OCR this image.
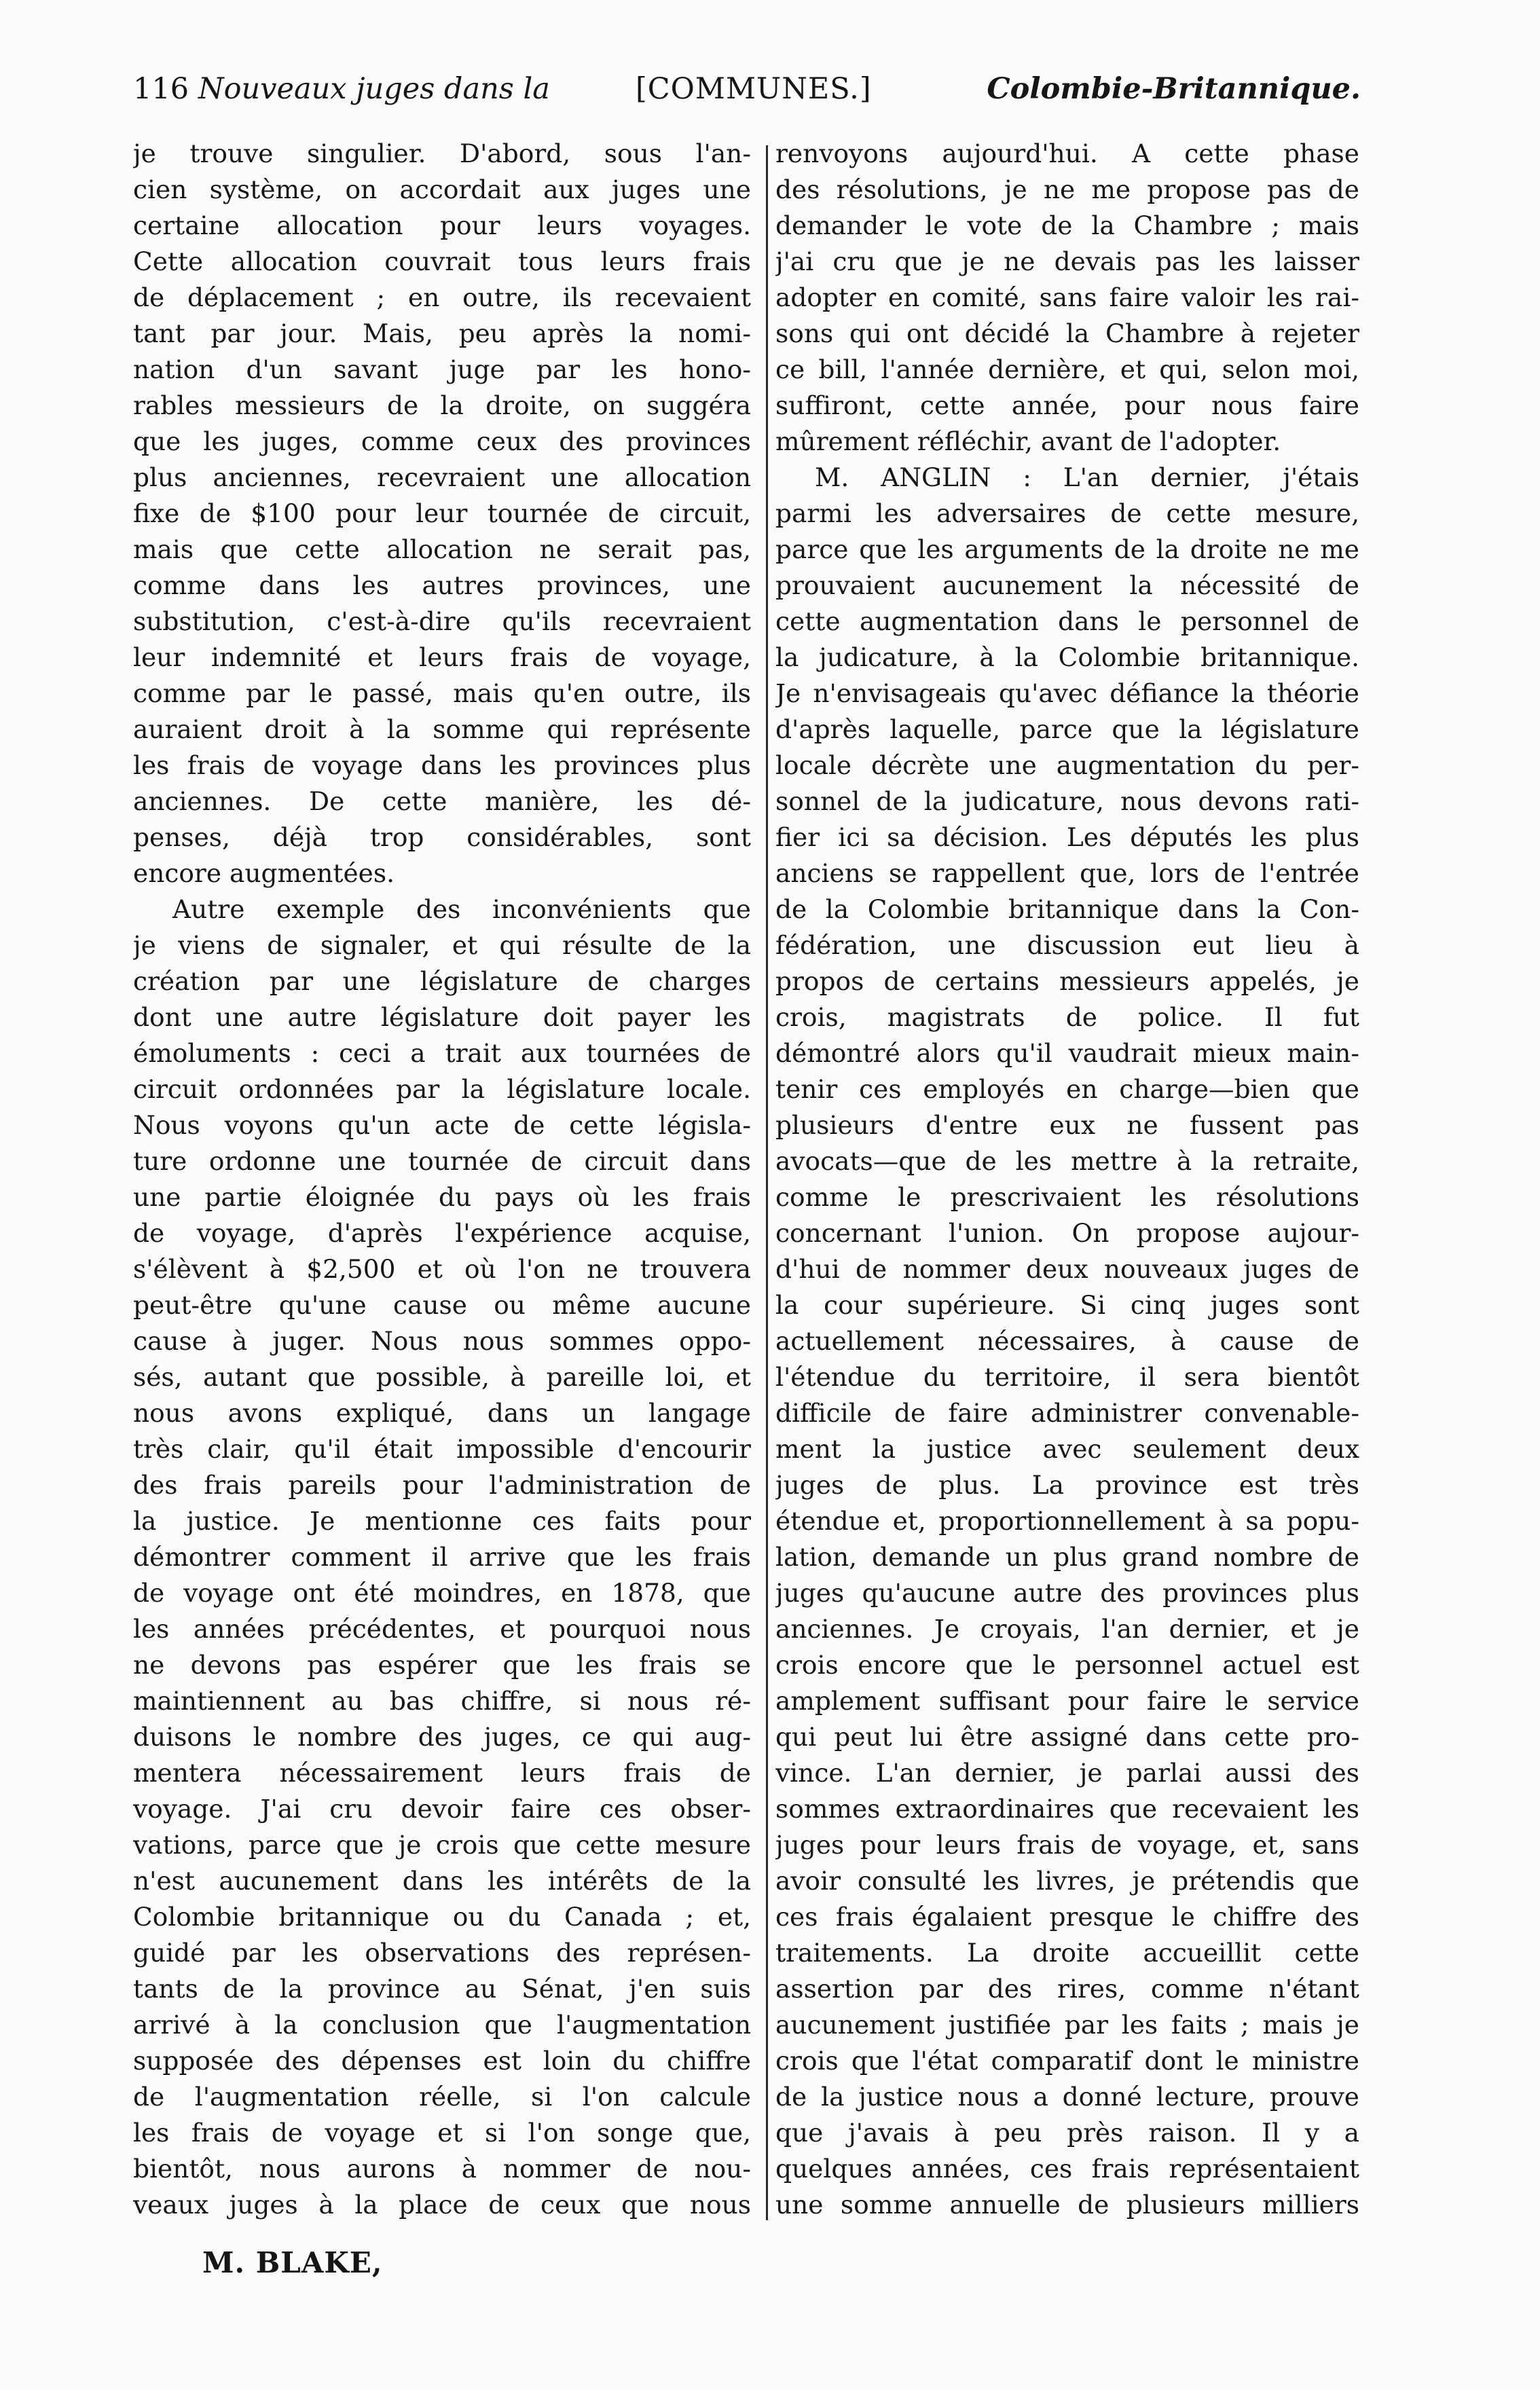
116 Nouveaux juges dans la	[COMMUNES.]	Colombie-Britannique.
je trouve singulier. D'abord, sous l'an-
cien système, on accordait aux juges une
certaine allocation pour leurs voyages.
Cette allocation couvrait tous leurs frais
de déplacement ; en outre, ils recevaient
tant par jour. Mais, peu après la nomi-
nation d'un savant juge par les hono-
rables messieurs de la droite, on suggéra
que les juges, comme ceux des provinces
plus anciennes, recevraient une allocation
fixe de $100 pour leur tournée de circuit,
mais que cette allocation ne serait pas,
comme dans les autres provinces, une
substitution, c'est-à-dire qu'ils recevraient
leur indemnité et leurs frais de voyage,
comme par le passé, mais qu'en outre, ils
auraient droit à la somme qui représente
les frais de voyage dans les provinces plus
anciennes. De cette manière, les dé-
penses, déjà trop considérables, sont
encore augmentées.
Autre exemple des inconvénients que
je viens de signaler, et qui résulte de la
création par une législature de charges
dont une autre législature doit payer les
émoluments : ceci a trait aux tournées de
circuit ordonnées par la législature locale.
Nous voyons qu'un acte de cette législa-
ture ordonne une tournée de circuit dans
une partie éloignée du pays où les frais
de voyage, d'après l'expérience acquise,
s'élèvent à $2,500 et où l'on ne trouvera
peut-être qu'une cause ou même aucune
cause à juger. Nous nous sommes oppo-
sés, autant que possible, à pareille loi, et
nous avons expliqué, dans un langage
très clair, qu'il était impossible d'encourir
des frais pareils pour l'administration de
la justice. Je mentionne ces faits pour
démontrer comment il arrive que les frais
de voyage ont été moindres, en 1878, que
les années précédentes, et pourquoi nous
ne devons pas espérer que les frais se
maintiennent au bas chiffre, si nous ré-
duisons le nombre des juges, ce qui aug-
mentera nécessairement leurs frais de
voyage. J'ai cru devoir faire ces obser-
vations, parce que je crois que cette mesure
n'est aucunement dans les intérêts de la
Colombie britannique ou du Canada ; et,
guidé par les observations des représen-
tants de la province au Sénat, j'en suis
arrivé à la conclusion que l'augmentation
supposée des dépenses est loin du chiffre
de l'augmentation réelle, si l'on calcule
les frais de voyage et si l'on songe que,
bientôt, nous aurons à nommer de nou-
veaux juges à la place de ceux que nous
renvoyons aujourd'hui. A cette phase
des résolutions, je ne me propose pas de
demander le vote de la Chambre ; mais
j'ai cru que je ne devais pas les laisser
adopter en comité, sans faire valoir les rai-
sons qui ont décidé la Chambre à rejeter
ce bill, l'année dernière, et qui, selon moi,
suffiront, cette année, pour nous faire
mûrement réfléchir, avant de l'adopter.
M. ANGLIN : L'an dernier, j'étais
parmi les adversaires de cette mesure,
parce que les arguments de la droite ne me
prouvaient aucunement la nécessité de
cette augmentation dans le personnel de
la judicature, à la Colombie britannique.
Je n'envisageais qu'avec défiance la théorie
d'après laquelle, parce que la législature
locale décrète une augmentation du per-
sonnel de la judicature, nous devons rati-
fier ici sa décision. Les députés les plus
anciens se rappellent que, lors de l'entrée
de la Colombie britannique dans la Con-
fédération, une discussion eut lieu à
propos de certains messieurs appelés, je
crois, magistrats de police. Il fut
démontré alors qu'il vaudrait mieux main-
tenir ces employés en charge—bien que
plusieurs d'entre eux ne fussent pas
avocats—que de les mettre à la retraite,
comme le prescrivaient les résolutions
concernant l'union. On propose aujour-
d'hui de nommer deux nouveaux juges de
la cour supérieure. Si cinq juges sont
actuellement nécessaires, à cause de
l'étendue du territoire, il sera bientôt
difficile de faire administrer convenable-
ment la justice avec seulement deux
juges de plus. La province est très
étendue et, proportionnellement à sa popu-
lation, demande un plus grand nombre de
juges qu'aucune autre des provinces plus
anciennes. Je croyais, l'an dernier, et je
crois encore que le personnel actuel est
amplement suffisant pour faire le service
qui peut lui être assigné dans cette pro-
vince. L'an dernier, je parlai aussi des
sommes extraordinaires que recevaient les
juges pour leurs frais de voyage, et, sans
avoir consulté les livres, je prétendis que
ces frais égalaient presque le chiffre des
traitements. La droite accueillit cette
assertion par des rires, comme n'étant
aucunement justifiée par les faits ; mais je
crois que l'état comparatif dont le ministre
de la justice nous a donné lecture, prouve
que j'avais à peu près raison. Il y a
quelques années, ces frais représentaient
une somme annuelle de plusieurs milliers
M. BLAKE,
